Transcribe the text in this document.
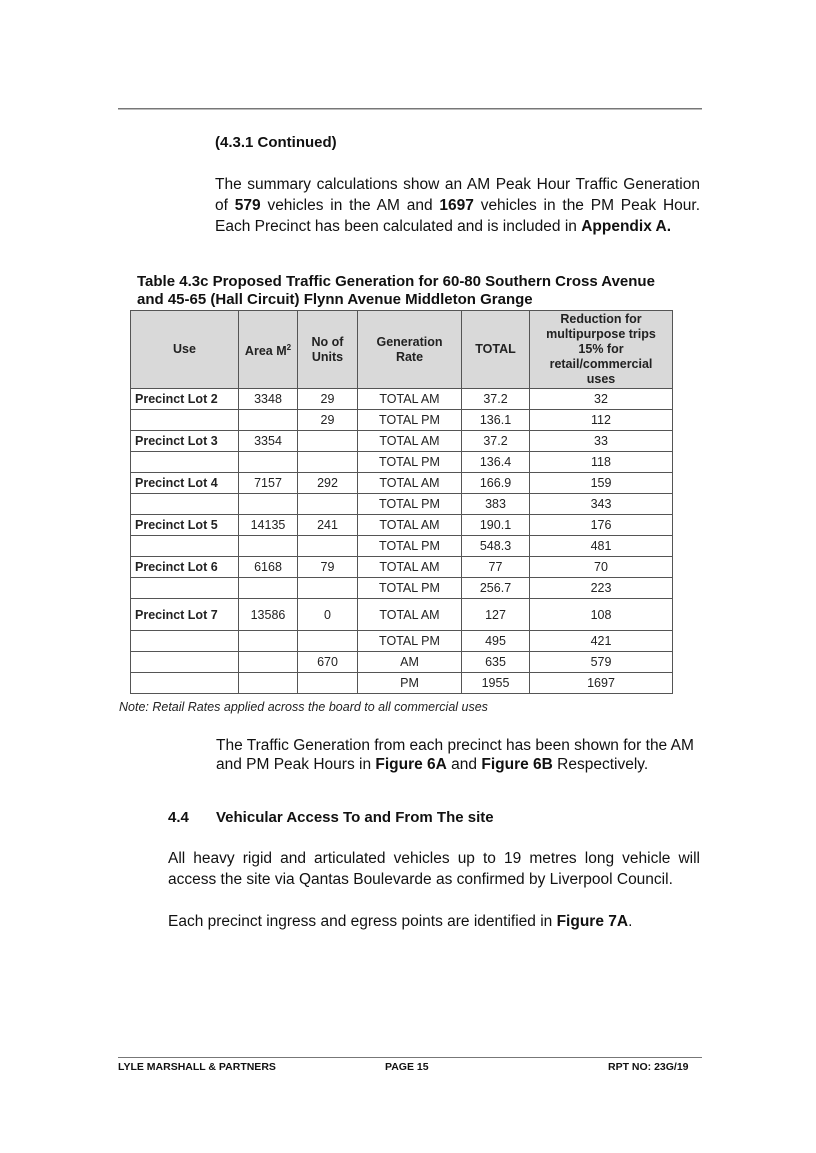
(4.3.1 Continued)

The summary calculations show an AM Peak Hour Traffic Generation of 579 vehicles in the AM and 1697 vehicles in the PM Peak Hour. Each Precinct has been calculated and is included in Appendix A.

Table 4.3c Proposed Traffic Generation for 60-80 Southern Cross Avenue and 45-65 (Hall Circuit) Flynn Avenue Middleton Grange

Use	Area $M^2$	No of Units	Generation Rate	TOTAL	Reduction for multipurpose trips 15% for retail/commercial uses
Precinct Lot 2	3348	29	TOTAL AM	37.2	32
		29	TOTAL PM	136.1	112
Precinct Lot 3	3354		TOTAL AM	37.2	33
			TOTAL PM	136.4	118
Precinct Lot 4	7157	292	TOTAL AM	166.9	159
			TOTAL PM	383	343
Precinct Lot 5	14135	241	TOTAL AM	190.1	176
			TOTAL PM	548.3	481
Precinct Lot 6	6168	79	TOTAL AM	77	70
			TOTAL PM	256.7	223
Precinct Lot 7	13586	0	TOTAL AM	127	108
			TOTAL PM	495	421
		670	AM	635	579
			PM	1955	1697
Note: Retail Rates applied across the board to all commercial uses

The Traffic Generation from each precinct has been shown for the AM and PM Peak Hours in Figure 6A and Figure 6B Respectively.

4.4 Vehicular Access To and From The site

All heavy rigid and articulated vehicles up to 19 metres long vehicle will access the site via Qantas Boulevarde as confirmed by Liverpool Council.

Each precinct ingress and egress points are identified in Figure 7A.

LYLE MARSHALL & PARTNERS	PAGE 15	RPT NO: 23G/19
